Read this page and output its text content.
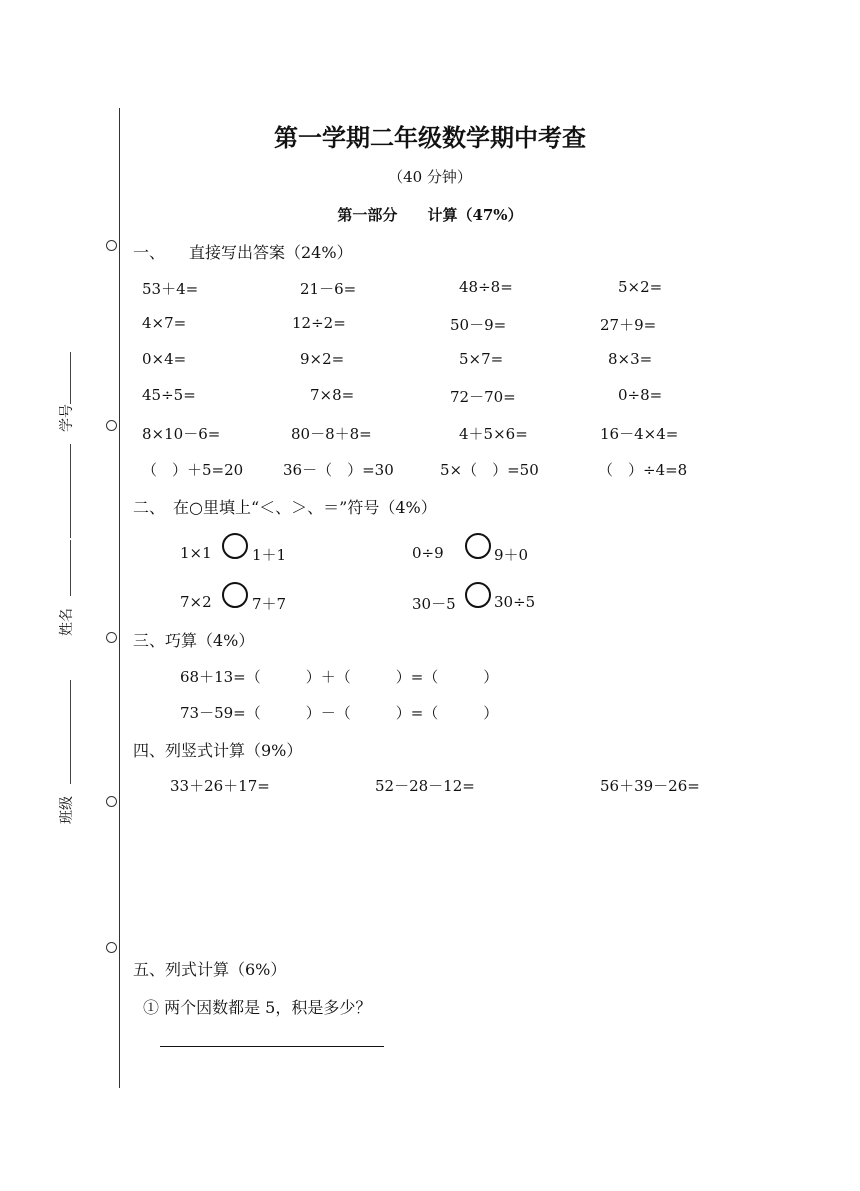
学号
姓名
班级
第一学期二年级数学期中考查
（40 分钟）
第一部分 计算（47%）
一、　　直接写出答案（24%）
53＋4=	21－6=	48÷8=	5×2=
4×7=	12÷2=	50－9=	27＋9=
0×4=	9×2=	5×7=	8×3=
45÷5=	7×8=	72－70=	0÷8=
8×10－6=	80－8＋8=	4＋5×6=	16－4×4=
（　）＋5=20	36－（　）=30	5×（　）=50	（　）÷4=8
二、　在○里填上“＜、＞、＝”符号（4%）
1×1	1＋1	0÷9	9＋0
7×2	7＋7	30－5	30÷5
三、巧算（4%）
68＋13=（　　　）＋（　　　）=（　　　）
73－59=（　　　）－（　　　）=（　　　）
四、列竖式计算（9%）
33＋26＋17=	52－28－12=	56＋39－26=
五、列式计算（6%）
① 两个因数都是 5，积是多少？
